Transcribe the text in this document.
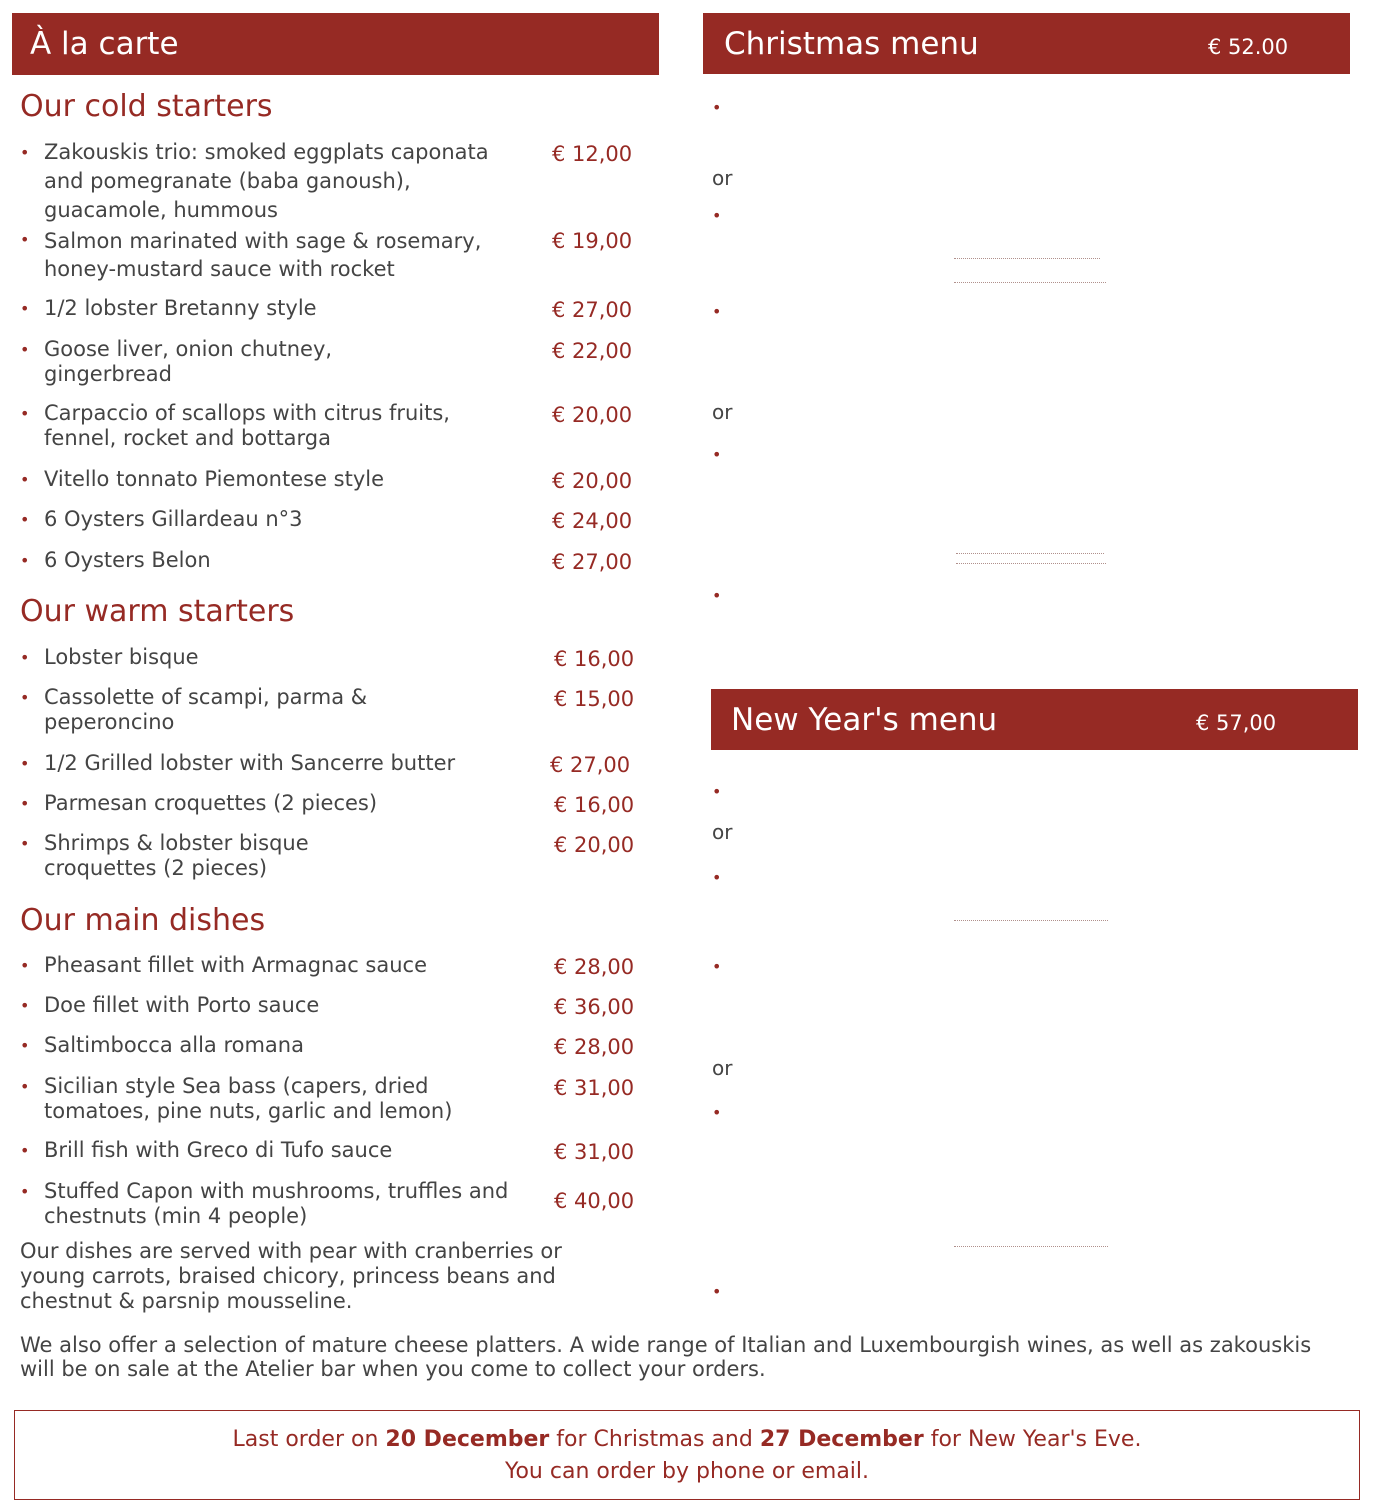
À la carte
Our cold starters
• Zakouskis trio: smoked eggplats caponata and pomegranate (baba ganoush), guacamole, hummous
€ 12,00
• Salmon marinated with sage & rosemary, honey-mustard sauce with rocket
€ 19,00
• 1/2 lobster Bretanny style	€ 27,00
• Goose liver, onion chutney, gingerbread
€ 22,00
• Carpaccio of scallops with citrus fruits, fennel, rocket and bottarga
€ 20,00
• Vitello tonnato Piemontese style	€ 20,00
• 6 Oysters Gillardeau n°3	€ 24,00
• 6 Oysters Belon	€ 27,00
Our warm starters
• Lobster bisque	€ 16,00
• Cassolette of scampi, parma & peperoncino
€ 15,00
• 1/2 Grilled lobster with Sancerre butter	€ 27,00
• Parmesan croquettes (2 pieces)	€ 16,00
• Shrimps & lobster bisque croquettes (2 pieces)
€ 20,00
Our main dishes
• Pheasant fillet with Armagnac sauce	€ 28,00
• Doe fillet with Porto sauce	€ 36,00
• Saltimbocca alla romana	€ 28,00
• Sicilian style Sea bass (capers, dried tomatoes, pine nuts, garlic and lemon)
€ 31,00
• Brill fish with Greco di Tufo sauce	€ 31,00
• Stuffed Capon with mushrooms, truffles and chestnuts (min 4 people)
€ 40,00
Our dishes are served with pear with cranberries or young carrots, braised chicory, princess beans and chestnut & parsnip mousseline.
We also offer a selection of mature cheese platters. A wide range of Italian and Luxembourgish wines, as well as zakouskis will be on sale at the Atelier bar when you come to collect your orders.
Christmas menu	€ 52.00
•
or
•
•
or
•
•
New Year's menu	€ 57,00
•
or
•
•
or
•
•
Last order on 20 December for Christmas and 27 December for New Year's Eve.
You can order by phone or email.
